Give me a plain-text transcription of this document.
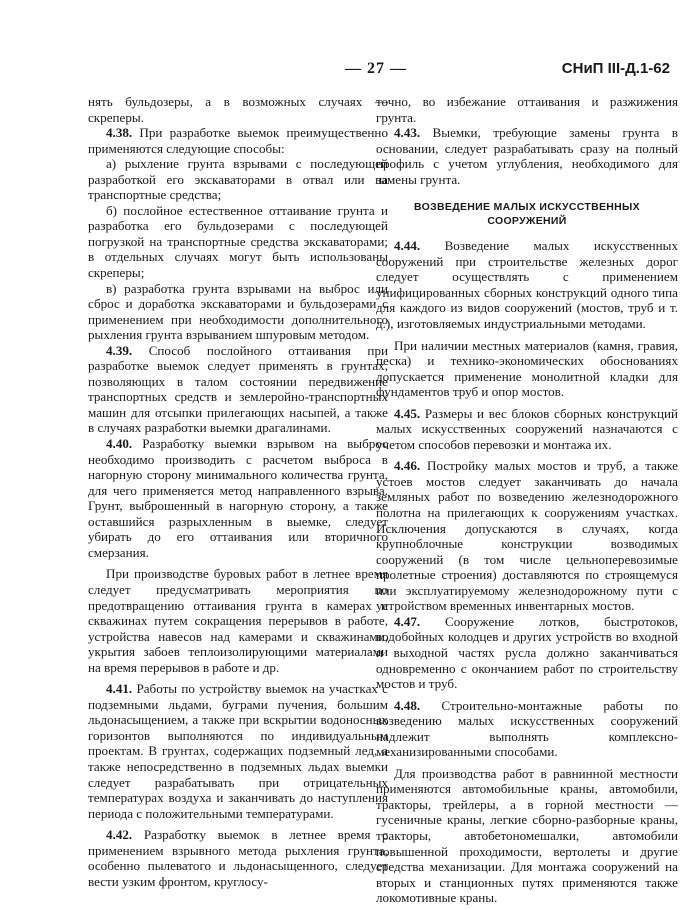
— 27 —	СНиП III-Д.1-62

нять бульдозеры, а в возможных случаях — скреперы.

4.38. При разработке выемок преимущественно применяются следующие способы:

а) рыхление грунта взрывами с последующей разработкой его экскаваторами в отвал или на транспортные средства;

б) послойное естественное оттаивание грунта и разработка его бульдозерами с последующей погрузкой на транспортные средства экскаваторами; в отдельных случаях могут быть использованы скреперы;

в) разработка грунта взрывами на выброс или сброс и доработка экскаваторами и бульдозерами с применением при необходимости дополнительного рыхления грунта взрыванием шпуровым методом.

4.39. Способ послойного оттаивания при разработке выемок следует применять в грунтах, позволяющих в талом состоянии передвижение транспортных средств и землеройно-транспортных машин для отсыпки прилегающих насыпей, а также в случаях разработки выемки драгалинами.

4.40. Разработку выемки взрывом на выброс необходимо производить с расчетом выброса в нагорную сторону минимального количества грунта, для чего применяется метод направленного взрыва. Грунт, выброшенный в нагорную сторону, а также оставшийся разрыхленным в выемке, следует убирать до его оттаивания или вторичного смерзания.

При производстве буровых работ в летнее время следует предусматривать мероприятия по предотвращению оттаивания грунта в камерах и скважинах путем сокращения перерывов в работе, устройства навесов над камерами и скважинами, укрытия забоев теплоизолирующими материалами на время перерывов в работе и др.

4.41. Работы по устройству выемок на участках с подземными льдами, буграми пучения, большим льдонасыщением, а также при вскрытии водоносных горизонтов выполняются по индивидуальным проектам. В грунтах, содержащих подземный лед, а также непосредственно в подземных льдах выемки следует разрабатывать при отрицательных температурах воздуха и заканчивать до наступления периода с положительными температурами.

4.42. Разработку выемок в летнее время с применением взрывного метода рыхления грунта, особенно пылеватого и льдонасыщенного, следует вести узким фронтом, круглосу-

точно, во избежание оттаивания и разжижения грунта.

4.43. Выемки, требующие замены грунта в основании, следует разрабатывать сразу на полный профиль с учетом углубления, необходимого для замены грунта.

ВОЗВЕДЕНИЕ МАЛЫХ ИСКУССТВЕННЫХ СООРУЖЕНИЙ

4.44. Возведение малых искусственных сооружений при строительстве железных дорог следует осуществлять с применением унифицированных сборных конструкций одного типа для каждого из видов сооружений (мостов, труб и т. д.), изготовляемых индустриальными методами.

При наличии местных материалов (камня, гравия, песка) и технико-экономических обоснованиях допускается применение монолитной кладки для фундаментов труб и опор мостов.

4.45. Размеры и вес блоков сборных конструкций малых искусственных сооружений назначаются с учетом способов перевозки и монтажа их.

4.46. Постройку малых мостов и труб, а также устоев мостов следует заканчивать до начала земляных работ по возведению железнодорожного полотна на прилегающих к сооружениям участках. Исключения допускаются в случаях, когда крупноблочные конструкции возводимых сооружений (в том числе цельноперевозимые пролетные строения) доставляются по строящемуся или эксплуатируемому железнодорожному пути с устройством временных инвентарных мостов.

4.47. Сооружение лотков, быстротоков, водобойных колодцев и других устройств во входной и выходной частях русла должно заканчиваться одновременно с окончанием работ по строительству мостов и труб.

4.48. Строительно-монтажные работы по возведению малых искусственных сооружений надлежит выполнять комплексно-механизированными способами.

Для производства работ в равнинной местности применяются автомобильные краны, автомобили, тракторы, трейлеры, а в горной местности — гусеничные краны, легкие сборно-разборные краны, тракторы, автобетономешалки, автомобили повышенной проходимости, вертолеты и другие средства механизации. Для монтажа сооружений на вторых и станционных путях применяются также локомотивные краны.
